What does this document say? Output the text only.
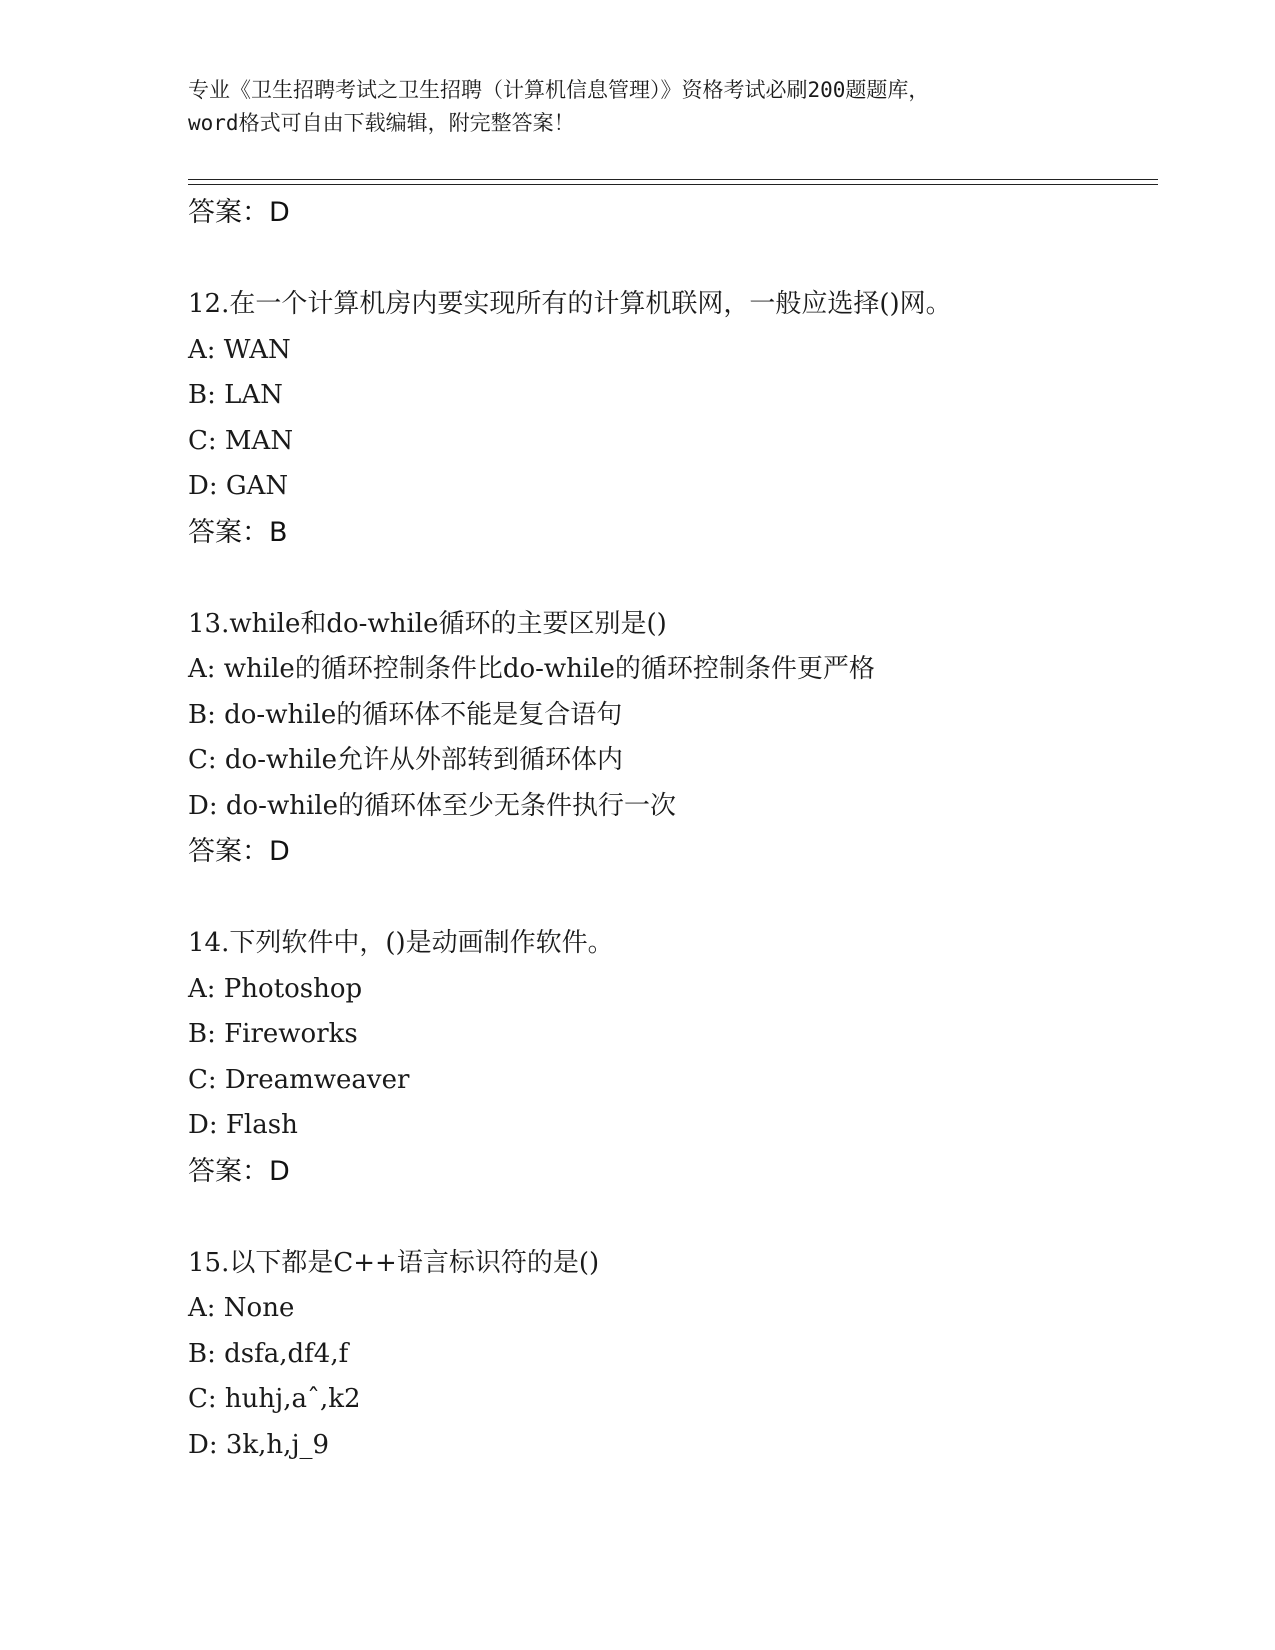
专业《卫生招聘考试之卫生招聘（计算机信息管理）》资格考试必刷200题题库，
word格式可自由下载编辑，附完整答案！
答案：D
12.在一个计算机房内要实现所有的计算机联网，一般应选择()网。
A: WAN
B: LAN
C: MAN
D: GAN
答案：B
13.while和do-while循环的主要区别是()
A: while的循环控制条件比do-while的循环控制条件更严格
B: do-while的循环体不能是复合语句
C: do-while允许从外部转到循环体内
D: do-while的循环体至少无条件执行一次
答案：D
14.下列软件中，()是动画制作软件。
A: Photoshop
B: Fireworks
C: Dreamweaver
D: Flash
答案：D
15.以下都是C++语言标识符的是()
A: None
B: dsfa,df4,f
C: huhj,aˆ,k2
D: 3k,h,j_9
